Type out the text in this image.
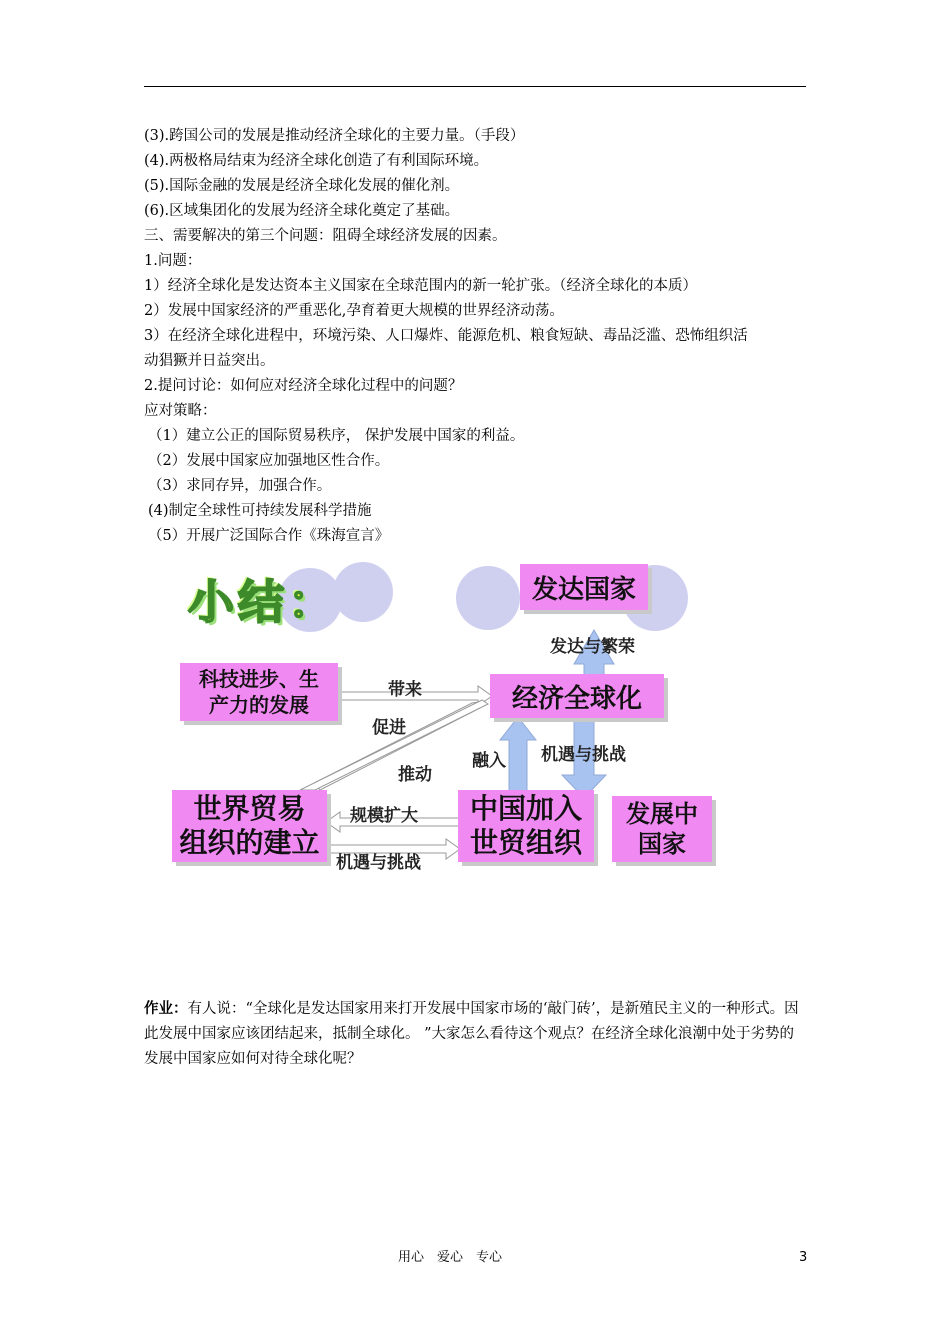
(3).跨国公司的发展是推动经济全球化的主要力量。（手段）
(4).两极格局结束为经济全球化创造了有利国际环境。
(5).国际金融的发展是经济全球化发展的催化剂。
(6).区域集团化的发展为经济全球化奠定了基础。
三、需要解决的第三个问题：阻碍全球经济发展的因素。
1.问题：
1）经济全球化是发达资本主义国家在全球范围内的新一轮扩张。（经济全球化的本质）
2）发展中国家经济的严重恶化,孕育着更大规模的世界经济动荡。
3）在经济全球化进程中，环境污染、人口爆炸、能源危机、粮食短缺、毒品泛滥、恐怖组织活
动猖獗并日益突出。
2.提问讨论：如何应对经济全球化过程中的问题？
应对策略：
（1）建立公正的国际贸易秩序， 保护发展中国家的利益。
（2）发展中国家应加强地区性合作。
（3）求同存异，加强合作。
(4)制定全球性可持续发展科学措施
（5）开展广泛国际合作《珠海宣言》
小结：	发达国家
科技进步、生
产力的发展	经济全球化
世界贸易
组织的建立
中国加入
世贸组织
发展中
国家
发达与繁荣
带来
促进
推动
融入 机遇与挑战
规模扩大
机遇与挑战
作业：有人说：“全球化是发达国家用来打开发展中国家市场的‘敲门砖’，是新殖民主义的一种形式。因此发展中国家应该团结起来，抵制全球化。 ”大家怎么看待这个观点？在经济全球化浪潮中处于劣势的发展中国家应如何对待全球化呢？
用心　爱心　专心	3
